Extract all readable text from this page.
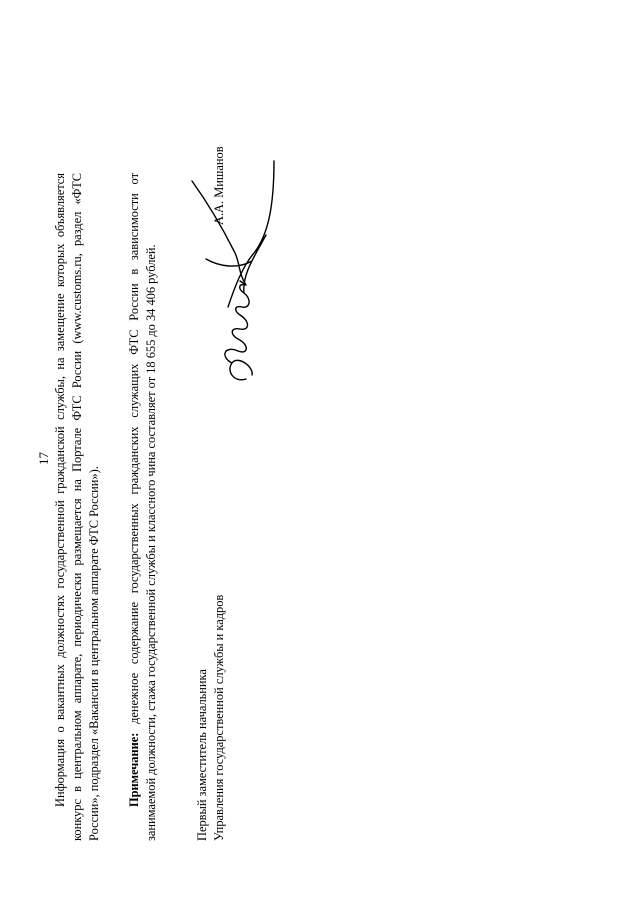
17 Информация о вакантных должностях государственной гражданской службы, на замещение которых объявляется конкурс в центральном аппарате, периодически размещается на Портале ФТС России (www.customs.ru, раздел «ФТС России», подраздел «Вакансии в центральном аппарате ФТС России»). Примечание: денежное содержание государственных гражданских служащих ФТС России в зависимости от занимаемой должности, стажа государственной службы и классного чина составляет от 18 655 до 34 406 рублей.	Первый заместитель начальника Управления государственной службы и кадров
А.А. Мишанов
